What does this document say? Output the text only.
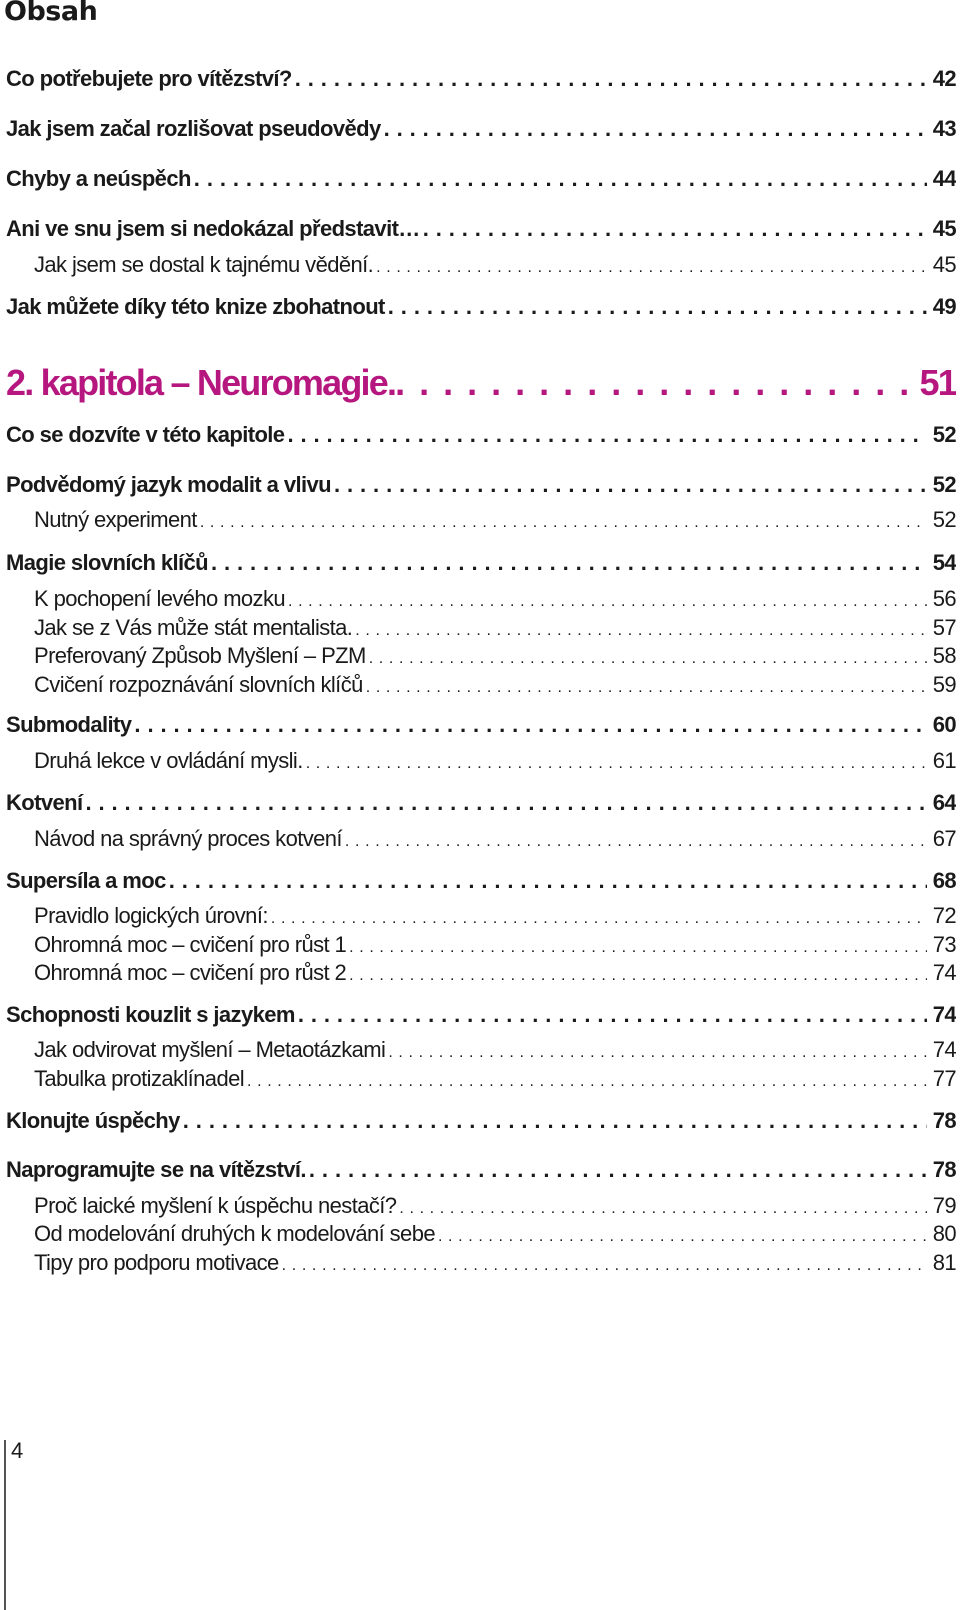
Obsah
Co potřebujete pro vítězství? . . .	42
Jak jsem začal rozlišovat pseudovědy . . .	43
Chyby a neúspěch . . .	44
Ani ve snu jsem si nedokázal představit… . . .	45
Jak jsem se dostal k tajnému vědění. . . .	45
Jak můžete díky této knize zbohatnout . . .	49
2. kapitola – Neuromagie. . . .	51
Co se dozvíte v této kapitole . . .	52
Podvědomý jazyk modalit a vlivu . . .	52
Nutný experiment . . .	52
Magie slovních klíčů . . .	54
K pochopení levého mozku . . .	56
Jak se z Vás může stát mentalista. . . .	57
Preferovaný Způsob Myšlení – PZM . . .	58
Cvičení rozpoznávání slovních klíčů . . .	59
Submodality . . .	60
Druhá lekce v ovládání mysli. . . .	61
Kotvení . . .	64
Návod na správný proces kotvení . . .	67
Supersíla a moc . . .	68
Pravidlo logických úrovní: . . .	72
Ohromná moc – cvičení pro růst 1 . . .	73
Ohromná moc – cvičení pro růst 2 . . .	74
Schopnosti kouzlit s jazykem . . .	74
Jak odvirovat myšlení – Metaotázkami . . .	74
Tabulka protizaklínadel . . .	77
Klonujte úspěchy . . .	78
Naprogramujte se na vítězství. . . .	78
Proč laické myšlení k úspěchu nestačí? . . .	79
Od modelování druhých k modelování sebe . . .	80
Tipy pro podporu motivace . . .	81
4
